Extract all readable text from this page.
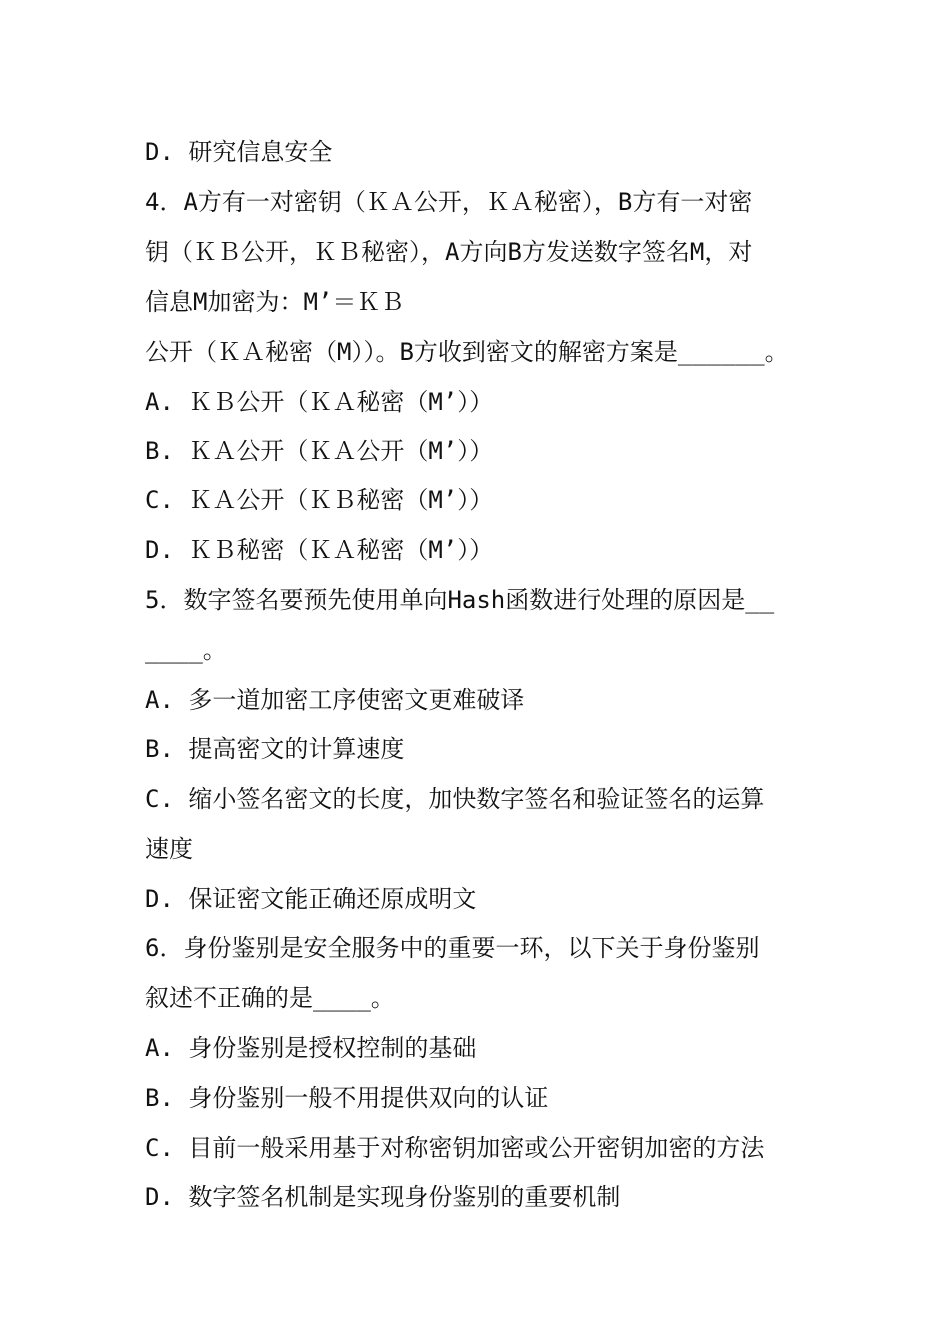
D. 研究信息安全
4．A方有一对密钥（ＫＡ公开，ＫＡ秘密），B方有一对密
钥（ＫＢ公开，ＫＢ秘密），A方向B方发送数字签名M，对
信息M加密为：M’＝ＫＢ
公开（ＫＡ秘密（M））。B方收到密文的解密方案是______。
A. ＫＢ公开（ＫＡ秘密（M’））
B. ＫＡ公开（ＫＡ公开（M’））
C. ＫＡ公开（ＫＢ秘密（M’））
D. ＫＢ秘密（ＫＡ秘密（M’））
5．数字签名要预先使用单向Hash函数进行处理的原因是__
____。
A. 多一道加密工序使密文更难破译
B. 提高密文的计算速度
C. 缩小签名密文的长度，加快数字签名和验证签名的运算
速度
D. 保证密文能正确还原成明文
6．身份鉴别是安全服务中的重要一环，以下关于身份鉴别
叙述不正确的是____。
A. 身份鉴别是授权控制的基础
B. 身份鉴别一般不用提供双向的认证
C. 目前一般采用基于对称密钥加密或公开密钥加密的方法
D. 数字签名机制是实现身份鉴别的重要机制
